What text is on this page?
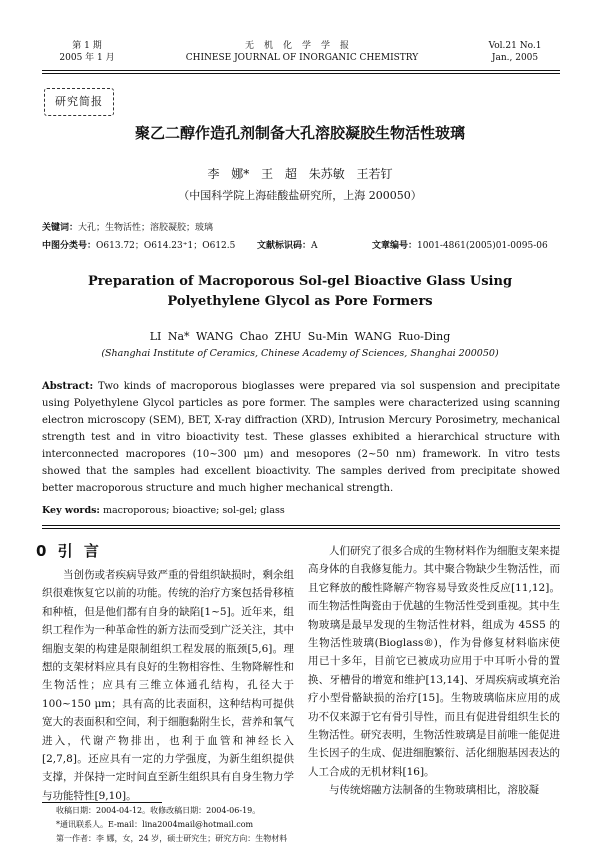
第 1 期
2005 年 1 月
无机化学学报
CHINESE JOURNAL OF INORGANIC CHEMISTRY
Vol.21 No.1
Jan., 2005
研究简报
聚乙二醇作造孔剂制备大孔溶胶凝胶生物活性玻璃
李 娜* 王 超 朱苏敏 王若钉
（中国科学院上海硅酸盐研究所，上海 200050）
关键词：大孔；生物活性；溶胶凝胶；玻璃
中图分类号：O613.72；O614.23⁺1；O612.5 文献标识码：A	文章编号：1001-4861(2005)01-0095-06
Preparation of Macroporous Sol-gel Bioactive Glass Using
Polyethylene Glycol as Pore Formers
LI Na* WANG Chao ZHU Su-Min WANG Ruo-Ding
(Shanghai Institute of Ceramics, Chinese Academy of Sciences, Shanghai 200050)
Abstract: Two kinds of macroporous bioglasses were prepared via sol suspension and precipitate using Polyethylene Glycol particles as pore former. The samples were characterized using scanning electron microscopy (SEM), BET, X-ray diffraction (XRD), Intrusion Mercury Porosimetry, mechanical strength test and in vitro bioactivity test. These glasses exhibited a hierarchical structure with interconnected macropores (10~300 μm) and mesopores (2~50 nm) framework. In vitro tests showed that the samples had excellent bioactivity. The samples derived from precipitate showed better macroporous structure and much higher mechanical strength.
Key words: macroporous; bioactive; sol-gel; glass
0 引 言

当创伤或者疾病导致严重的骨组织缺损时，剩余组织很难恢复它以前的功能。传统的治疗方案包括骨移植和种植，但是他们都有自身的缺陷[1~5]。近年来，组织工程作为一种革命性的新方法而受到广泛关注，其中细胞支架的构建是限制组织工程发展的瓶颈[5,6]。理想的支架材料应具有良好的生物相容性、生物降解性和生物活性；应具有三维立体通孔结构，孔径大于 100~150 μm；具有高的比表面积，这种结构可提供宽大的表面积和空间，利于细胞黏附生长，营养和氧气进入，代谢产物排出，也利于血管和神经长入[2,7,8]。还应具有一定的力学强度，为新生组织提供支撑，并保持一定时间直至新生组织具有自身生物力学与功能特性[9,10]。

人们研究了很多合成的生物材料作为细胞支架来提高身体的自我修复能力。其中聚合物缺少生物活性，而且它释放的酸性降解产物容易导致炎性反应[11,12]。而生物活性陶瓷由于优越的生物活性受到重视。其中生物玻璃是最早发现的生物活性材料，组成为 45S5 的生物活性玻璃(Bioglass®)，作为骨修复材料临床使用已十多年，目前它已被成功应用于中耳听小骨的置换、牙槽骨的增宽和维护[13,14]、牙周疾病或填充治疗小型骨骼缺损的治疗[15]。生物玻璃临床应用的成功不仅来源于它有骨引导性，而且有促进骨组织生长的生物活性。研究表明，生物活性玻璃是目前唯一能促进生长因子的生成、促进细胞繁衍、活化细胞基因表达的人工合成的无机材料[16]。

与传统熔融方法制备的生物玻璃相比，溶胶凝

收稿日期：2004-04-12。收修改稿日期：2004-06-19。
*通讯联系人。E-mail：lina2004mail@hotmail.com
第一作者：李 娜，女，24 岁，硕士研究生；研究方向：生物材料
